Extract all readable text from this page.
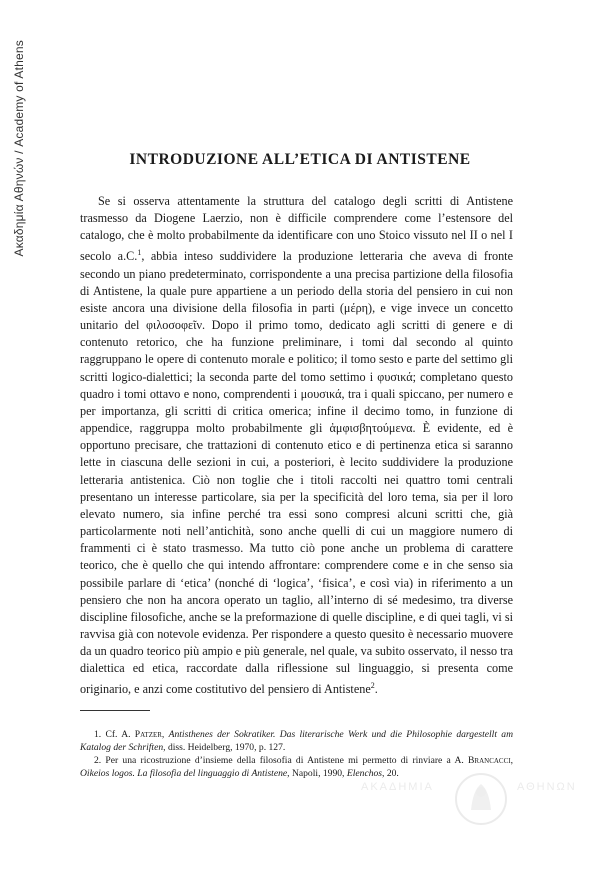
Ακαδημία Αθηνών / Academy of Athens	INTRODUZIONE ALL’ETICA DI ANTISTENE

Se si osserva attentamente la struttura del catalogo degli scritti di Antistene trasmesso da Diogene Laerzio, non è difficile comprendere come l’estensore del catalogo, che è molto probabilmente da identificare con uno Stoico vissuto nel II o nel I secolo a.C.$^1$, abbia inteso suddividere la produzione letteraria che aveva di fronte secondo un piano predeterminato, corrispondente a una precisa partizione della filosofia di Antistene, la quale pure appartiene a un periodo della storia del pensiero in cui non esiste ancora una divisione della filosofia in parti (μέρη), e vige invece un concetto unitario del φιλοσοφεῖν. Dopo il primo tomo, dedicato agli scritti di genere e di contenuto retorico, che ha funzione preliminare, i tomi dal secondo al quinto raggruppano le opere di contenuto morale e politico; il tomo sesto e parte del settimo gli scritti logico-dialettici; la seconda parte del tomo settimo i φυσικά; completano questo quadro i tomi ottavo e nono, comprendenti i μουσικά, tra i quali spiccano, per numero e per importanza, gli scritti di critica omerica; infine il decimo tomo, in funzione di appendice, raggruppa molto probabilmente gli ἀμφισβητούμενα. È evidente, ed è opportuno precisare, che trattazioni di contenuto etico e di pertinenza etica si saranno lette in ciascuna delle sezioni in cui, a posteriori, è lecito suddividere la produzione letteraria antistenica. Ciò non toglie che i titoli raccolti nei quattro tomi centrali presentano un interesse particolare, sia per la specificità del loro tema, sia per il loro elevato numero, sia infine perché tra essi sono compresi alcuni scritti che, già particolarmente noti nell’antichità, sono anche quelli di cui un maggiore numero di frammenti ci è stato trasmesso. Ma tutto ciò pone anche un problema di carattere teorico, che è quello che qui intendo affrontare: comprendere come e in che senso sia possibile parlare di ‘etica’ (nonché di ‘logica’, ‘fisica’, e così via) in riferimento a un pensiero che non ha ancora operato un taglio, all’interno di sé medesimo, tra diverse discipline filosofiche, anche se la preformazione di quelle discipline, e di quei tagli, vi si ravvisa già con notevole evidenza. Per rispondere a questo quesito è necessario muovere da un quadro teorico più ampio e più generale, nel quale, va subito osservato, il nesso tra dialettica ed etica, raccordate dalla riflessione sul linguaggio, si presenta come originario, e anzi come costitutivo del pensiero di Antistene$^2$.

1. Cf. A. Patzer, Antisthenes der Sokratiker. Das literarische Werk und die Philosophie dargestellt am Katalog der Schriften, diss. Heidelberg, 1970, p. 127.

2. Per una ricostruzione d’insieme della filosofia di Antistene mi permetto di rinviare a A. Brancacci, Oikeios logos. La filosofia del linguaggio di Antistene, Napoli, 1990, Elenchos, 20.

ΑΚΑΔΗΜΙΑ	ΑΘΗΝΩΝ
